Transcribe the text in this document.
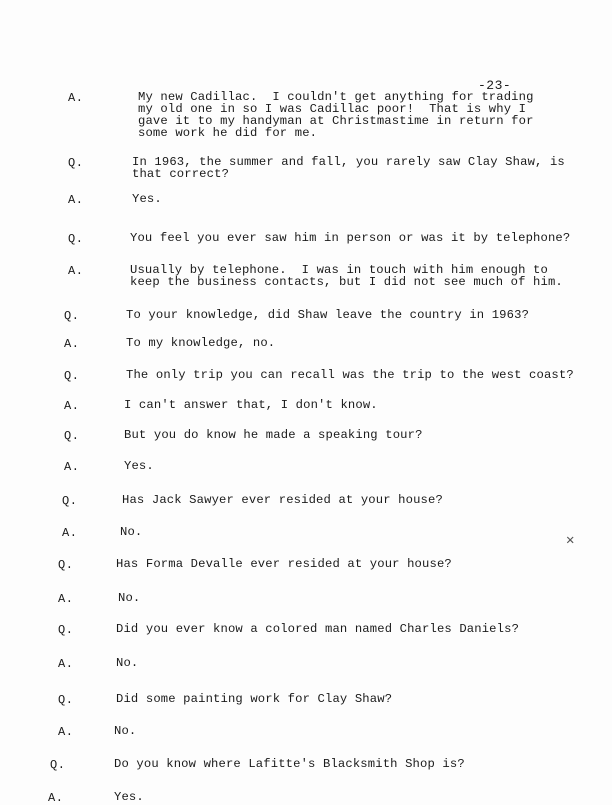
-23-
A.	My new Cadillac.  I couldn't get anything for trading
my old one in so I was Cadillac poor!  That is why I
gave it to my handyman at Christmastime in return for
some work he did for me.
Q.	In 1963, the summer and fall, you rarely saw Clay Shaw, is
that correct?
A.	Yes.
Q.	You feel you ever saw him in person or was it by telephone?
A.	Usually by telephone.  I was in touch with him enough to
keep the business contacts, but I did not see much of him.
Q.	To your knowledge, did Shaw leave the country in 1963?
A.	To my knowledge, no.
Q.	The only trip you can recall was the trip to the west coast?
A.	I can't answer that, I don't know.
Q.	But you do know he made a speaking tour?
A.	Yes.
Q.	Has Jack Sawyer ever resided at your house?
A.	No.
Q.	Has Forma Devalle ever resided at your house?
A.	No.
Q.	Did you ever know a colored man named Charles Daniels?
A.	No.
Q.	Did some painting work for Clay Shaw?
A.	No.
Q.	Do you know where Lafitte's Blacksmith Shop is?
A.	Yes.
✕
